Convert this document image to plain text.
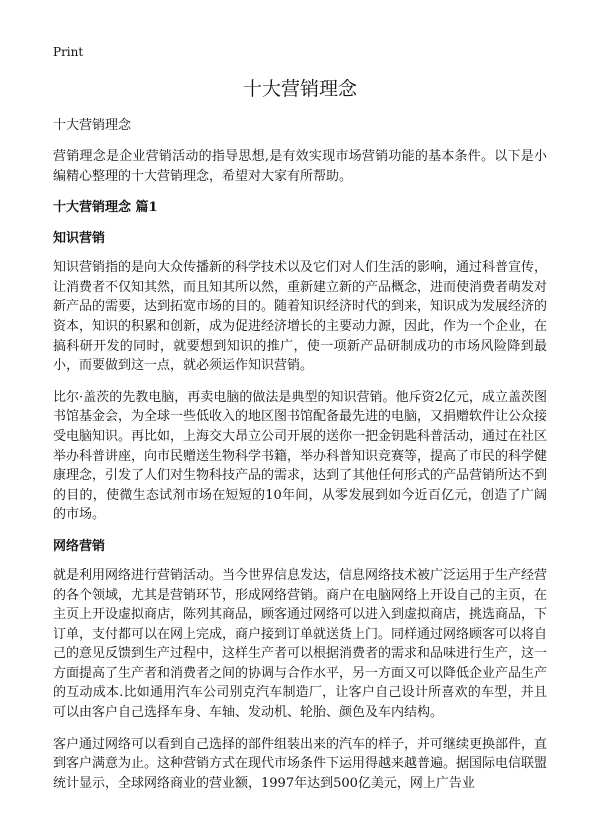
Print
十大营销理念
十大营销理念

营销理念是企业营销活动的指导思想,是有效实现市场营销功能的基本条件。以下是小编精心整理的十大营销理念，希望对大家有所帮助。

十大营销理念 篇1
知识营销

知识营销指的是向大众传播新的科学技术以及它们对人们生活的影响，通过科普宣传，让消费者不仅知其然，而且知其所以然，重新建立新的产品概念，进而使消费者萌发对新产品的需要，达到拓宽市场的目的。随着知识经济时代的到来，知识成为发展经济的资本，知识的积累和创新，成为促进经济增长的主要动力源，因此，作为一个企业，在搞科研开发的同时，就要想到知识的推广，使一项新产品研制成功的市场风险降到最小，而要做到这一点，就必须运作知识营销。

比尔·盖茨的先教电脑，再卖电脑的做法是典型的知识营销。他斥资2亿元，成立盖茨图书馆基金会，为全球一些低收入的地区图书馆配备最先进的电脑，又捐赠软件让公众接受电脑知识。再比如，上海交大昂立公司开展的送你一把金钥匙科普活动，通过在社区举办科普讲座，向市民赠送生物科学书籍，举办科普知识竞赛等，提高了市民的科学健康理念，引发了人们对生物科技产品的需求，达到了其他任何形式的产品营销所达不到的目的，使微生态试剂市场在短短的10年间，从零发展到如今近百亿元，创造了广阔的市场。

网络营销

就是利用网络进行营销活动。当今世界信息发达，信息网络技术被广泛运用于生产经营的各个领域，尤其是营销环节，形成网络营销。商户在电脑网络上开设自己的主页，在主页上开设虚拟商店，陈列其商品，顾客通过网络可以进入到虚拟商店，挑选商品，下订单，支付都可以在网上完成，商户接到订单就送货上门。同样通过网络顾客可以将自己的意见反馈到生产过程中，这样生产者可以根据消费者的需求和品味进行生产，这一方面提高了生产者和消费者之间的协调与合作水平，另一方面又可以降低企业产品生产的互动成本.比如通用汽车公司别克汽车制造厂，让客户自己设计所喜欢的车型，并且可以由客户自己选择车身、车轴、发动机、轮胎、颜色及车内结构。

客户通过网络可以看到自己选择的部件组装出来的汽车的样子，并可继续更换部件，直到客户满意为止。这种营销方式在现代市场条件下运用得越来越普遍。据国际电信联盟统计显示，全球网络商业的营业额，1997年达到500亿美元，网上广告业
